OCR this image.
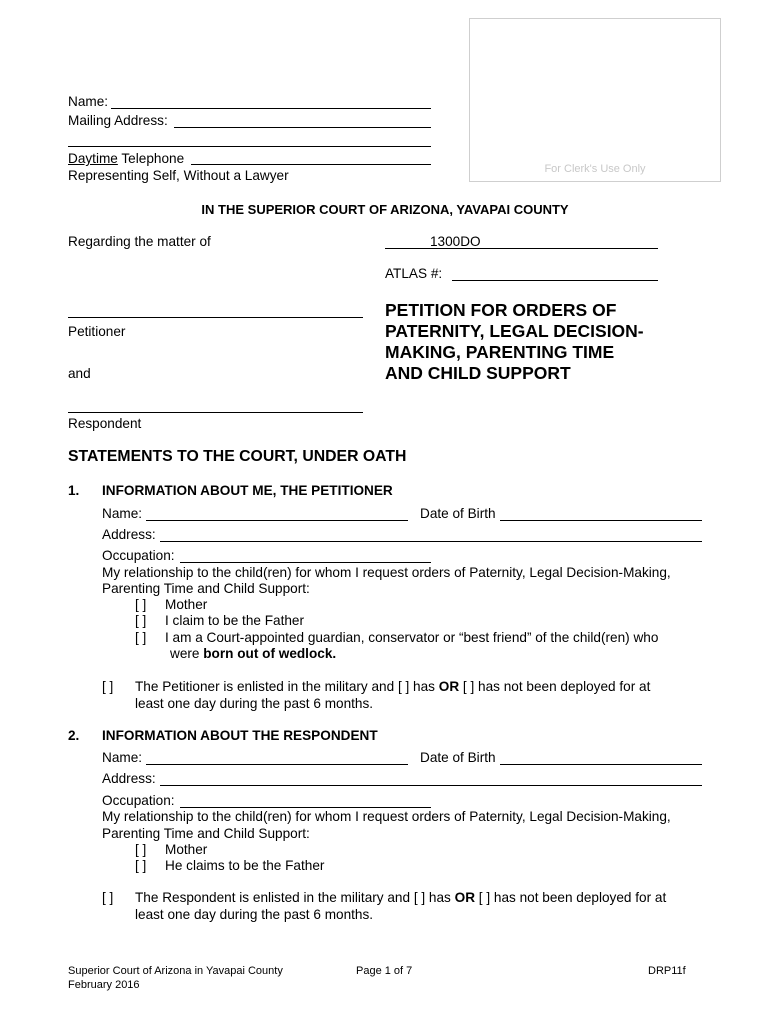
For Clerk's Use Only
Name:
Mailing Address:
Daytime Telephone
Representing Self, Without a Lawyer
IN THE SUPERIOR COURT OF ARIZONA, YAVAPAI COUNTY
Regarding the matter of	1300DO
ATLAS #:
Petitioner
and
Respondent
PETITION FOR ORDERS OF
PATERNITY, LEGAL DECISION-
MAKING, PARENTING TIME
AND CHILD SUPPORT
STATEMENTS TO THE COURT, UNDER OATH
1. INFORMATION ABOUT ME, THE PETITIONER
Name:	Date of Birth
Address:
Occupation:
My relationship to the child(ren) for whom I request orders of Paternity, Legal Decision-Making,
Parenting Time and Child Support:
[ ] Mother
[ ] I claim to be the Father
[ ] I am a Court-appointed guardian, conservator or “best friend” of the child(ren) who
were born out of wedlock.
[ ] The Petitioner is enlisted in the military and [ ] has OR [ ] has not been deployed for at
least one day during the past 6 months.
2. INFORMATION ABOUT THE RESPONDENT
Name:	Date of Birth
Address:
Occupation:
My relationship to the child(ren) for whom I request orders of Paternity, Legal Decision-Making,
Parenting Time and Child Support:
[ ] Mother
[ ] He claims to be the Father
[ ] The Respondent is enlisted in the military and [ ] has OR [ ] has not been deployed for at
least one day during the past 6 months.
Superior Court of Arizona in Yavapai County
February 2016
Page 1 of 7	DRP11f
